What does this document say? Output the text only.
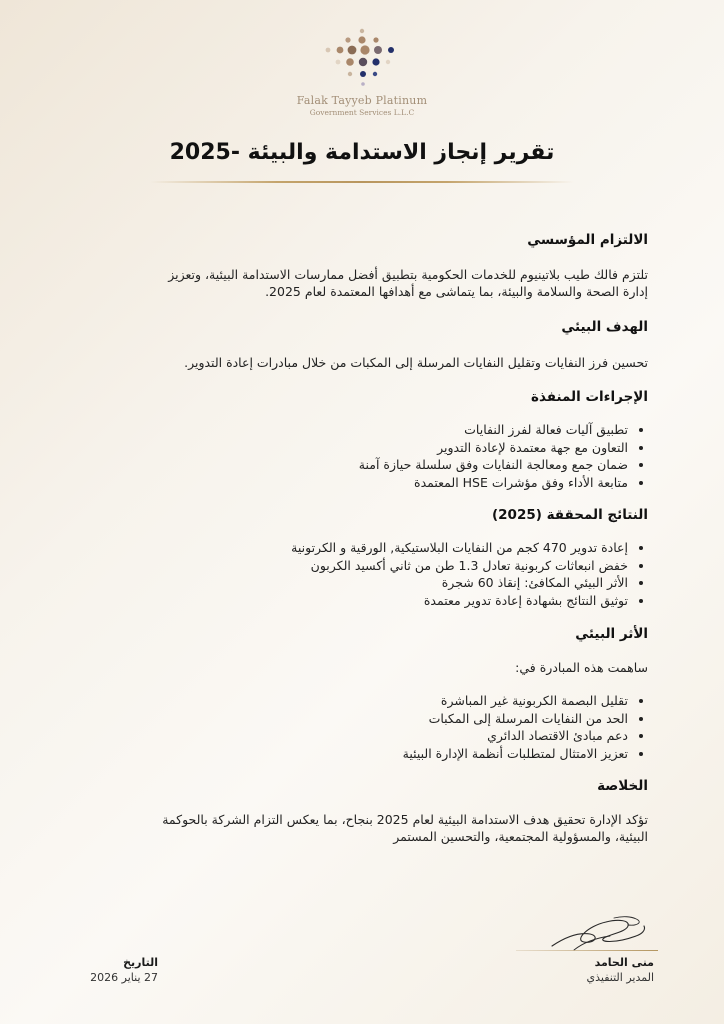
Falak Tayyeb Platinum
Government Services L.L.C
تقرير إنجاز الاستدامة والبيئة -2025
الالتزام المؤسسي

تلتزم فالك طيب بلاتينيوم للخدمات الحكومية بتطبيق أفضل ممارسات الاستدامة البيئية، وتعزيز

إدارة الصحة والسلامة والبيئة، بما يتماشى مع أهدافها المعتمدة لعام 2025.

الهدف البيئي

تحسين فرز النفايات وتقليل النفايات المرسلة إلى المكبات من خلال مبادرات إعادة التدوير.

الإجراءات المنفذة
تطبيق آليات فعالة لفرز النفايات
التعاون مع جهة معتمدة لإعادة التدوير
ضمان جمع ومعالجة النفايات وفق سلسلة حيازة آمنة
متابعة الأداء وفق مؤشرات HSE المعتمدة
النتائج المحققة (2025)
إعادة تدوير 470 كجم من النفايات البلاستيكية, الورقية و الكرتونية
خفض انبعاثات كربونية تعادل 1.3 طن من ثاني أكسيد الكربون
الأثر البيئي المكافئ: إنقاذ 60 شجرة
توثيق النتائج بشهادة إعادة تدوير معتمدة
الأثر البيئي

ساهمت هذه المبادرة في:

تقليل البصمة الكربونية غير المباشرة
الحد من النفايات المرسلة إلى المكبات
دعم مبادئ الاقتصاد الدائري
تعزيز الامتثال لمتطلبات أنظمة الإدارة البيئية
الخلاصة

تؤكد الإدارة تحقيق هدف الاستدامة البيئية لعام 2025 بنجاح، بما يعكس التزام الشركة بالحوكمة

البيئية، والمسؤولية المجتمعية، والتحسين المستمر

منى الحامد

المدير التنفيذي

التاريخ

27 يناير 2026
